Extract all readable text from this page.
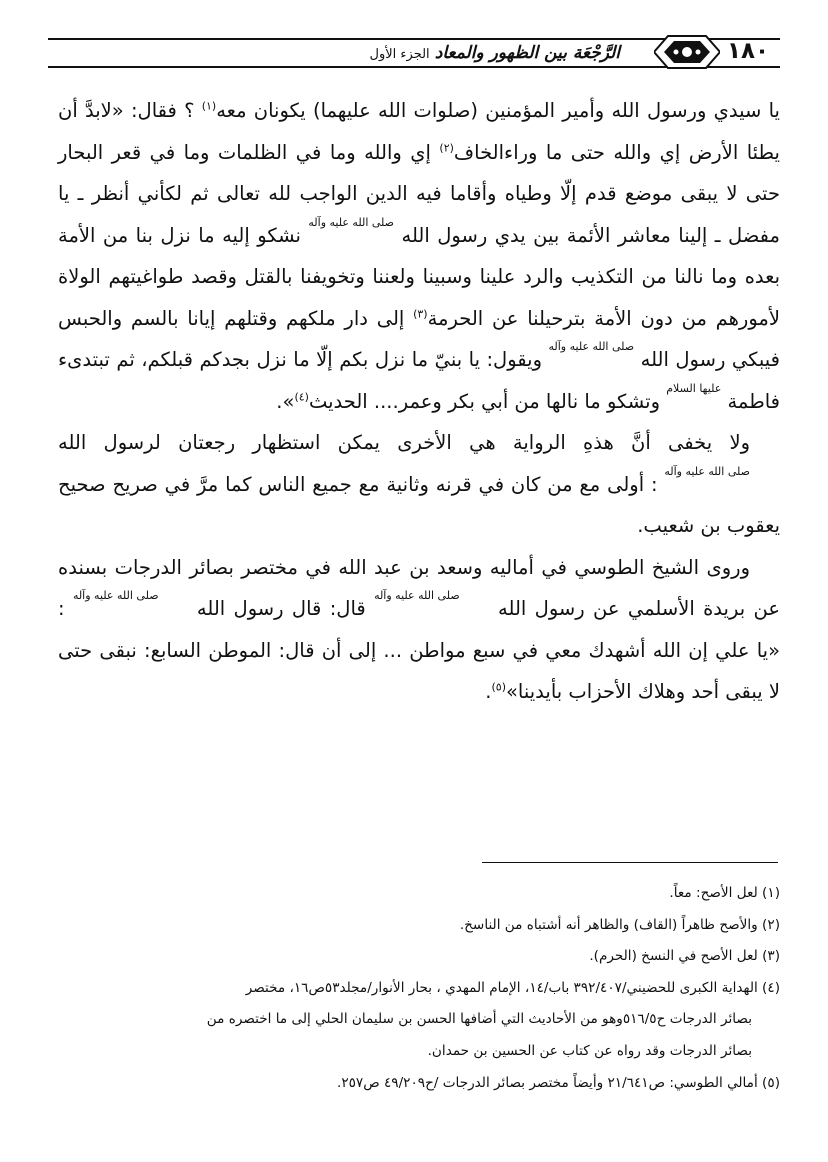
الرَّجْعَة بين الظهور والمعاد الجزء الأول	١٨٠

يا سيدي ورسول الله وأمير المؤمنين (صلوات الله عليهما) يكونان معه$^{(١)}$ ؟ فقال: «لابدَّ أن يطئا الأرض إي والله حتى ما وراءالخاف$^{(٢)}$ إي والله وما في الظلمات وما في قعر البحار حتى لا يبقى موضع قدم إلّا وطياه وأقاما فيه الدين الواجب لله تعالى ثم لكأني أنظر ـ يا مفضل ـ إلينا معاشر الأئمة بين يدي رسول الله صلى الله عليه وآله نشكو إليه ما نزل بنا من الأمة بعده وما نالنا من التكذيب والرد علينا وسبينا ولعننا وتخويفنا بالقتل وقصد طواغيتهم الولاة لأمورهم من دون الأمة بترحيلنا عن الحرمة$^{(٣)}$ إلى دار ملكهم وقتلهم إيانا بالسم والحبس فيبكي رسول الله صلى الله عليه وآله ويقول: يا بنيّ ما نزل بكم إلّا ما نزل بجدكم قبلكم، ثم تبتدىء فاطمة عليها السلام وتشكو ما نالها من أبي بكر وعمر.... الحديث$^{(٤)}$».

ولا يخفى أنَّ هذهِ الرواية هي الأخرى يمكن استظهار رجعتان لرسول الله صلى الله عليه وآله : أولى مع من كان في قرنه وثانية مع جميع الناس كما مرَّ في صريح صحيح يعقوب بن شعيب.

وروى الشيخ الطوسي في أماليه وسعد بن عبد الله في مختصر بصائر الدرجات بسنده عن بريدة الأسلمي عن رسول الله صلى الله عليه وآله قال: قال رسول الله صلى الله عليه وآله : «يا علي إن الله أشهدك معي في سبع مواطن ... إلى أن قال: الموطن السابع: نبقى حتى لا يبقى أحد وهلاك الأحزاب بأيدينا»$^{(٥)}$.

(١) لعل الأصح: معاً.

(٢) والأصح ظاهراً (القاف) والظاهر أنه أشتباه من الناسخ.

(٣) لعل الأصح في النسخ (الحرم).

(٤) الهداية الكبرى للحضيني/٣٩٢/٤٠٧ باب/١٤، الإمام المهدي ، بحار الأنوار/مجلد٥٣ص١٦، مختصر

بصائر الدرجات ح٥١٦/٥وهو من الأحاديث التي أضافها الحسن بن سليمان الحلي إلى ما اختصره من

بصائر الدرجات وقد رواه عن كتاب عن الحسين بن حمدان.

(٥) أمالي الطوسي: ص٢١/٦٤١ وأيضاً مختصر بصائر الدرجات /ح٤٩/٢٠٩ ص٢٥٧.
